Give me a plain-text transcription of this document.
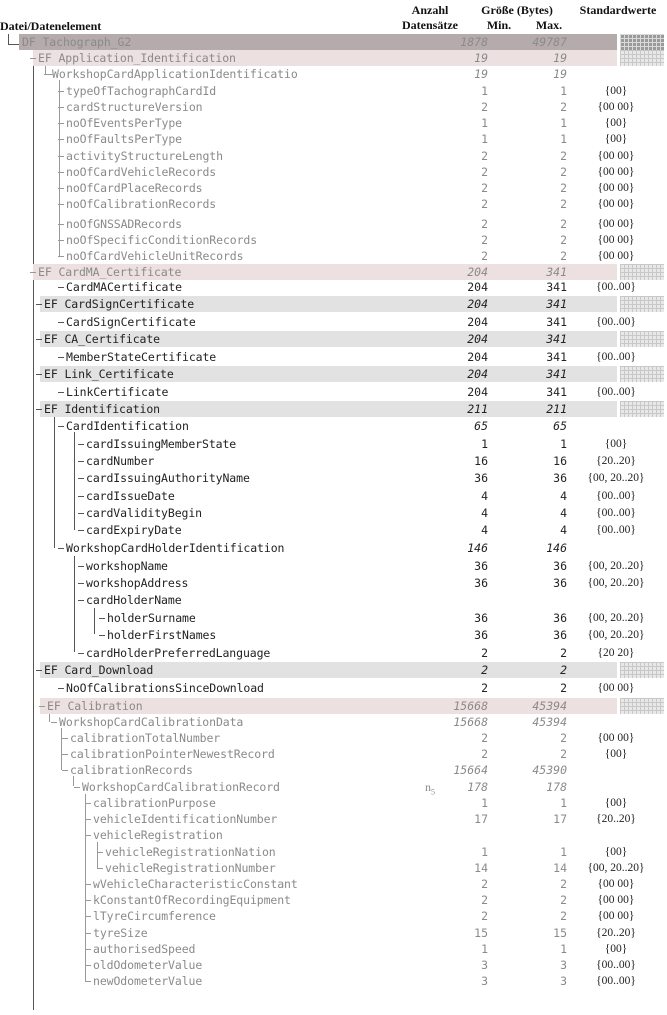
Datei/Datenelement
Anzahl
Datensätze
Größe (Bytes)
Min.	Max.
Standardwerte
DF Tachograph_G2	1878	49787
EF Application_Identification	19	19
WorkshopCardApplicationIdentificatio	19	19
typeOfTachographCardId	1	1	{00}
cardStructureVersion	2	2	{00 00}
noOfEventsPerType	1	1	{00}
noOfFaultsPerType	1	1	{00}
activityStructureLength	2	2	{00 00}
noOfCardVehicleRecords	2	2	{00 00}
noOfCardPlaceRecords	2	2	{00 00}
noOfCalibrationRecords	2	2	{00 00}
noOfGNSSADRecords	2	2	{00 00}
noOfSpecificConditionRecords	2	2	{00 00}
noOfCardVehicleUnitRecords	2	2	{00 00}
EF CardMA_Certificate	204	341
CardMACertificate	204	341	{00..00}
EF CardSignCertificate	204	341
CardSignCertificate	204	341	{00..00}
EF CA_Certificate	204	341
MemberStateCertificate	204	341	{00..00}
EF Link_Certificate	204	341
LinkCertificate	204	341	{00..00}
EF Identification	211	211
CardIdentification	65	65
cardIssuingMemberState	1	1	{00}
cardNumber	16	16	{20..20}
cardIssuingAuthorityName	36	36	{00, 20..20}
cardIssueDate	4	4	{00..00}
cardValidityBegin	4	4	{00..00}
cardExpiryDate	4	4	{00..00}
WorkshopCardHolderIdentification	146	146
workshopName	36	36	{00, 20..20}
workshopAddress	36	36	{00, 20..20}
cardHolderName
holderSurname	36	36	{00, 20..20}
holderFirstNames	36	36	{00, 20..20}
cardHolderPreferredLanguage	2	2	{20 20}
EF Card_Download	2	2
NoOfCalibrationsSinceDownload	2	2	{00 00}
EF Calibration	15668	45394
WorkshopCardCalibrationData	15668	45394
calibrationTotalNumber	2	2	{00 00}
calibrationPointerNewestRecord	2	2	{00}
calibrationRecords	15664	45390
WorkshopCardCalibrationRecord	$n_5$	178	178
calibrationPurpose	1	1	{00}
vehicleIdentificationNumber	17	17	{20..20}
vehicleRegistration
vehicleRegistrationNation	1	1	{00}
vehicleRegistrationNumber	14	14	{00, 20..20}
wVehicleCharacteristicConstant	2	2	{00 00}
kConstantOfRecordingEquipment	2	2	{00 00}
lTyreCircumference	2	2	{00 00}
tyreSize	15	15	{20..20}
authorisedSpeed	1	1	{00}
oldOdometerValue	3	3	{00..00}
newOdometerValue	3	3	{00..00}
